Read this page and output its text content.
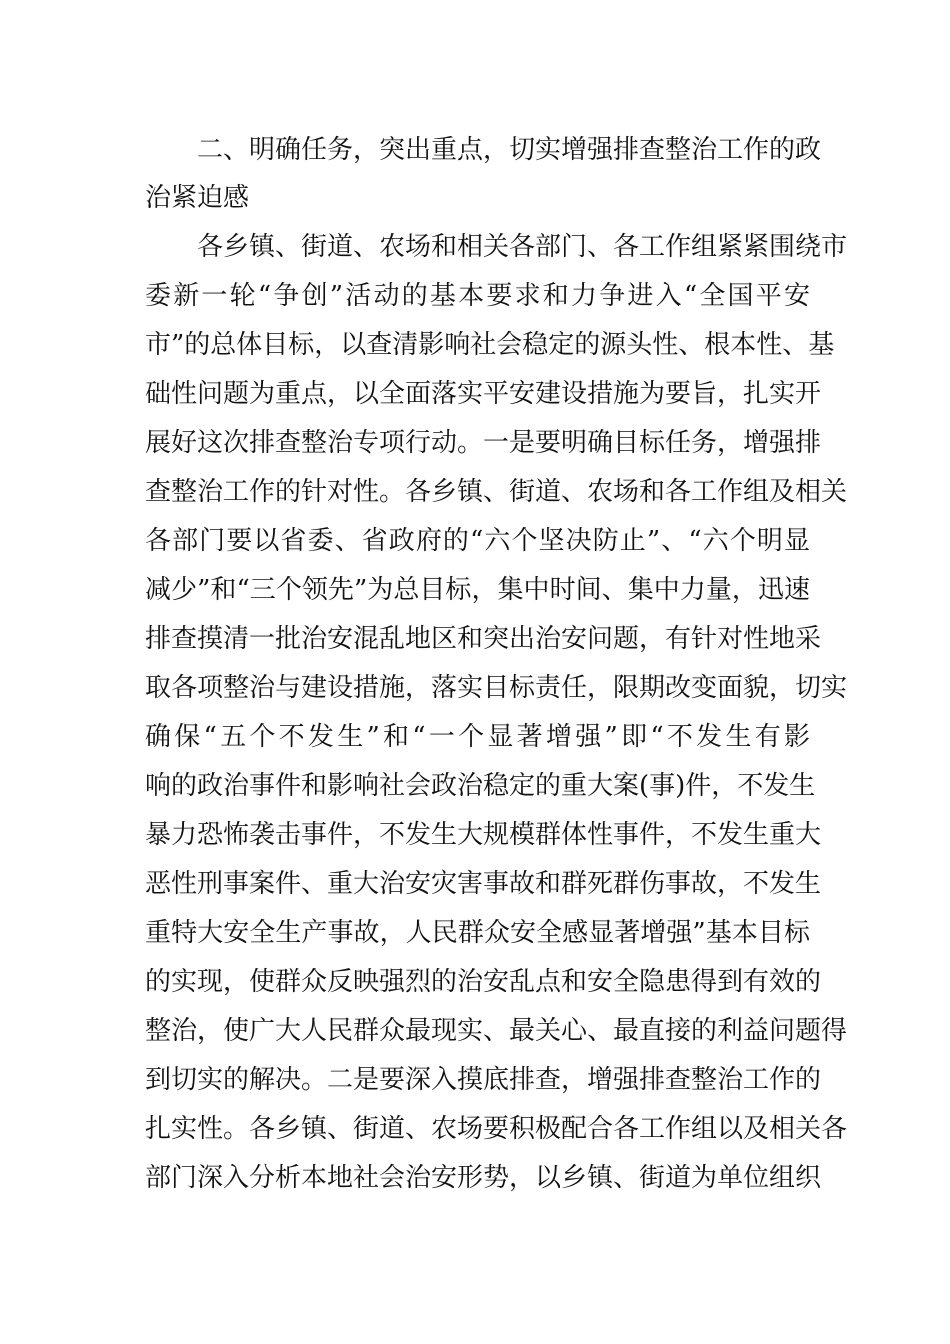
二、明确任务，突出重点，切实增强排查整治工作的政
治紧迫感
各乡镇、街道、农场和相关各部门、各工作组紧紧围绕市
委新一轮“争创”活动的基本要求和力争进入“全国平安
市”的总体目标，以查清影响社会稳定的源头性、根本性、基
础性问题为重点，以全面落实平安建设措施为要旨，扎实开
展好这次排查整治专项行动。一是要明确目标任务，增强排
查整治工作的针对性。各乡镇、街道、农场和各工作组及相关
各部门要以省委、省政府的“六个坚决防止”、“六个明显
减少”和“三个领先”为总目标，集中时间、集中力量，迅速
排查摸清一批治安混乱地区和突出治安问题，有针对性地采
取各项整治与建设措施，落实目标责任，限期改变面貌，切实
确保“五个不发生”和“一个显著增强”即“不发生有影
响的政治事件和影响社会政治稳定的重大案(事)件，不发生
暴力恐怖袭击事件，不发生大规模群体性事件，不发生重大
恶性刑事案件、重大治安灾害事故和群死群伤事故，不发生
重特大安全生产事故，人民群众安全感显著增强”基本目标
的实现，使群众反映强烈的治安乱点和安全隐患得到有效的
整治，使广大人民群众最现实、最关心、最直接的利益问题得
到切实的解决。二是要深入摸底排查，增强排查整治工作的
扎实性。各乡镇、街道、农场要积极配合各工作组以及相关各
部门深入分析本地社会治安形势，以乡镇、街道为单位组织
